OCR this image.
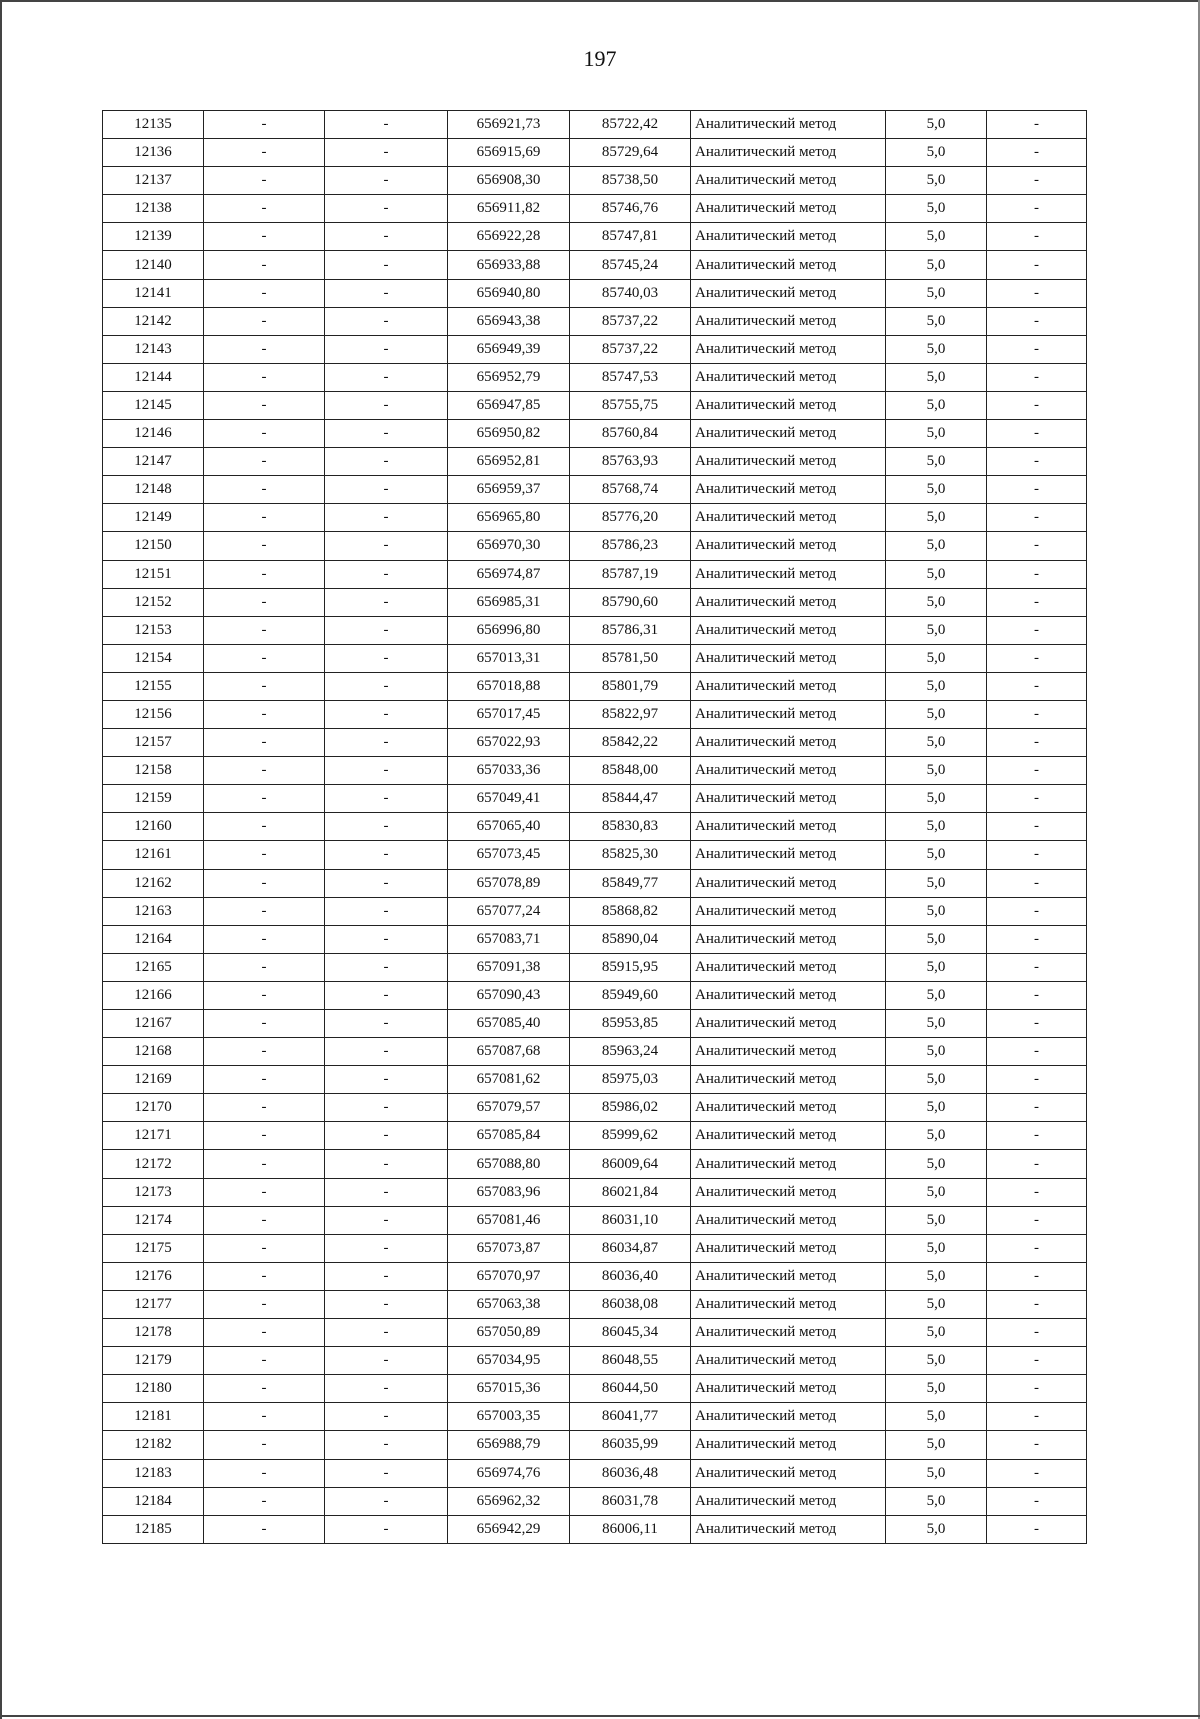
197
12135	-	-	656921,73	85722,42	Аналитический метод	5,0	-
12136	-	-	656915,69	85729,64	Аналитический метод	5,0	-
12137	-	-	656908,30	85738,50	Аналитический метод	5,0	-
12138	-	-	656911,82	85746,76	Аналитический метод	5,0	-
12139	-	-	656922,28	85747,81	Аналитический метод	5,0	-
12140	-	-	656933,88	85745,24	Аналитический метод	5,0	-
12141	-	-	656940,80	85740,03	Аналитический метод	5,0	-
12142	-	-	656943,38	85737,22	Аналитический метод	5,0	-
12143	-	-	656949,39	85737,22	Аналитический метод	5,0	-
12144	-	-	656952,79	85747,53	Аналитический метод	5,0	-
12145	-	-	656947,85	85755,75	Аналитический метод	5,0	-
12146	-	-	656950,82	85760,84	Аналитический метод	5,0	-
12147	-	-	656952,81	85763,93	Аналитический метод	5,0	-
12148	-	-	656959,37	85768,74	Аналитический метод	5,0	-
12149	-	-	656965,80	85776,20	Аналитический метод	5,0	-
12150	-	-	656970,30	85786,23	Аналитический метод	5,0	-
12151	-	-	656974,87	85787,19	Аналитический метод	5,0	-
12152	-	-	656985,31	85790,60	Аналитический метод	5,0	-
12153	-	-	656996,80	85786,31	Аналитический метод	5,0	-
12154	-	-	657013,31	85781,50	Аналитический метод	5,0	-
12155	-	-	657018,88	85801,79	Аналитический метод	5,0	-
12156	-	-	657017,45	85822,97	Аналитический метод	5,0	-
12157	-	-	657022,93	85842,22	Аналитический метод	5,0	-
12158	-	-	657033,36	85848,00	Аналитический метод	5,0	-
12159	-	-	657049,41	85844,47	Аналитический метод	5,0	-
12160	-	-	657065,40	85830,83	Аналитический метод	5,0	-
12161	-	-	657073,45	85825,30	Аналитический метод	5,0	-
12162	-	-	657078,89	85849,77	Аналитический метод	5,0	-
12163	-	-	657077,24	85868,82	Аналитический метод	5,0	-
12164	-	-	657083,71	85890,04	Аналитический метод	5,0	-
12165	-	-	657091,38	85915,95	Аналитический метод	5,0	-
12166	-	-	657090,43	85949,60	Аналитический метод	5,0	-
12167	-	-	657085,40	85953,85	Аналитический метод	5,0	-
12168	-	-	657087,68	85963,24	Аналитический метод	5,0	-
12169	-	-	657081,62	85975,03	Аналитический метод	5,0	-
12170	-	-	657079,57	85986,02	Аналитический метод	5,0	-
12171	-	-	657085,84	85999,62	Аналитический метод	5,0	-
12172	-	-	657088,80	86009,64	Аналитический метод	5,0	-
12173	-	-	657083,96	86021,84	Аналитический метод	5,0	-
12174	-	-	657081,46	86031,10	Аналитический метод	5,0	-
12175	-	-	657073,87	86034,87	Аналитический метод	5,0	-
12176	-	-	657070,97	86036,40	Аналитический метод	5,0	-
12177	-	-	657063,38	86038,08	Аналитический метод	5,0	-
12178	-	-	657050,89	86045,34	Аналитический метод	5,0	-
12179	-	-	657034,95	86048,55	Аналитический метод	5,0	-
12180	-	-	657015,36	86044,50	Аналитический метод	5,0	-
12181	-	-	657003,35	86041,77	Аналитический метод	5,0	-
12182	-	-	656988,79	86035,99	Аналитический метод	5,0	-
12183	-	-	656974,76	86036,48	Аналитический метод	5,0	-
12184	-	-	656962,32	86031,78	Аналитический метод	5,0	-
12185	-	-	656942,29	86006,11	Аналитический метод	5,0	-
